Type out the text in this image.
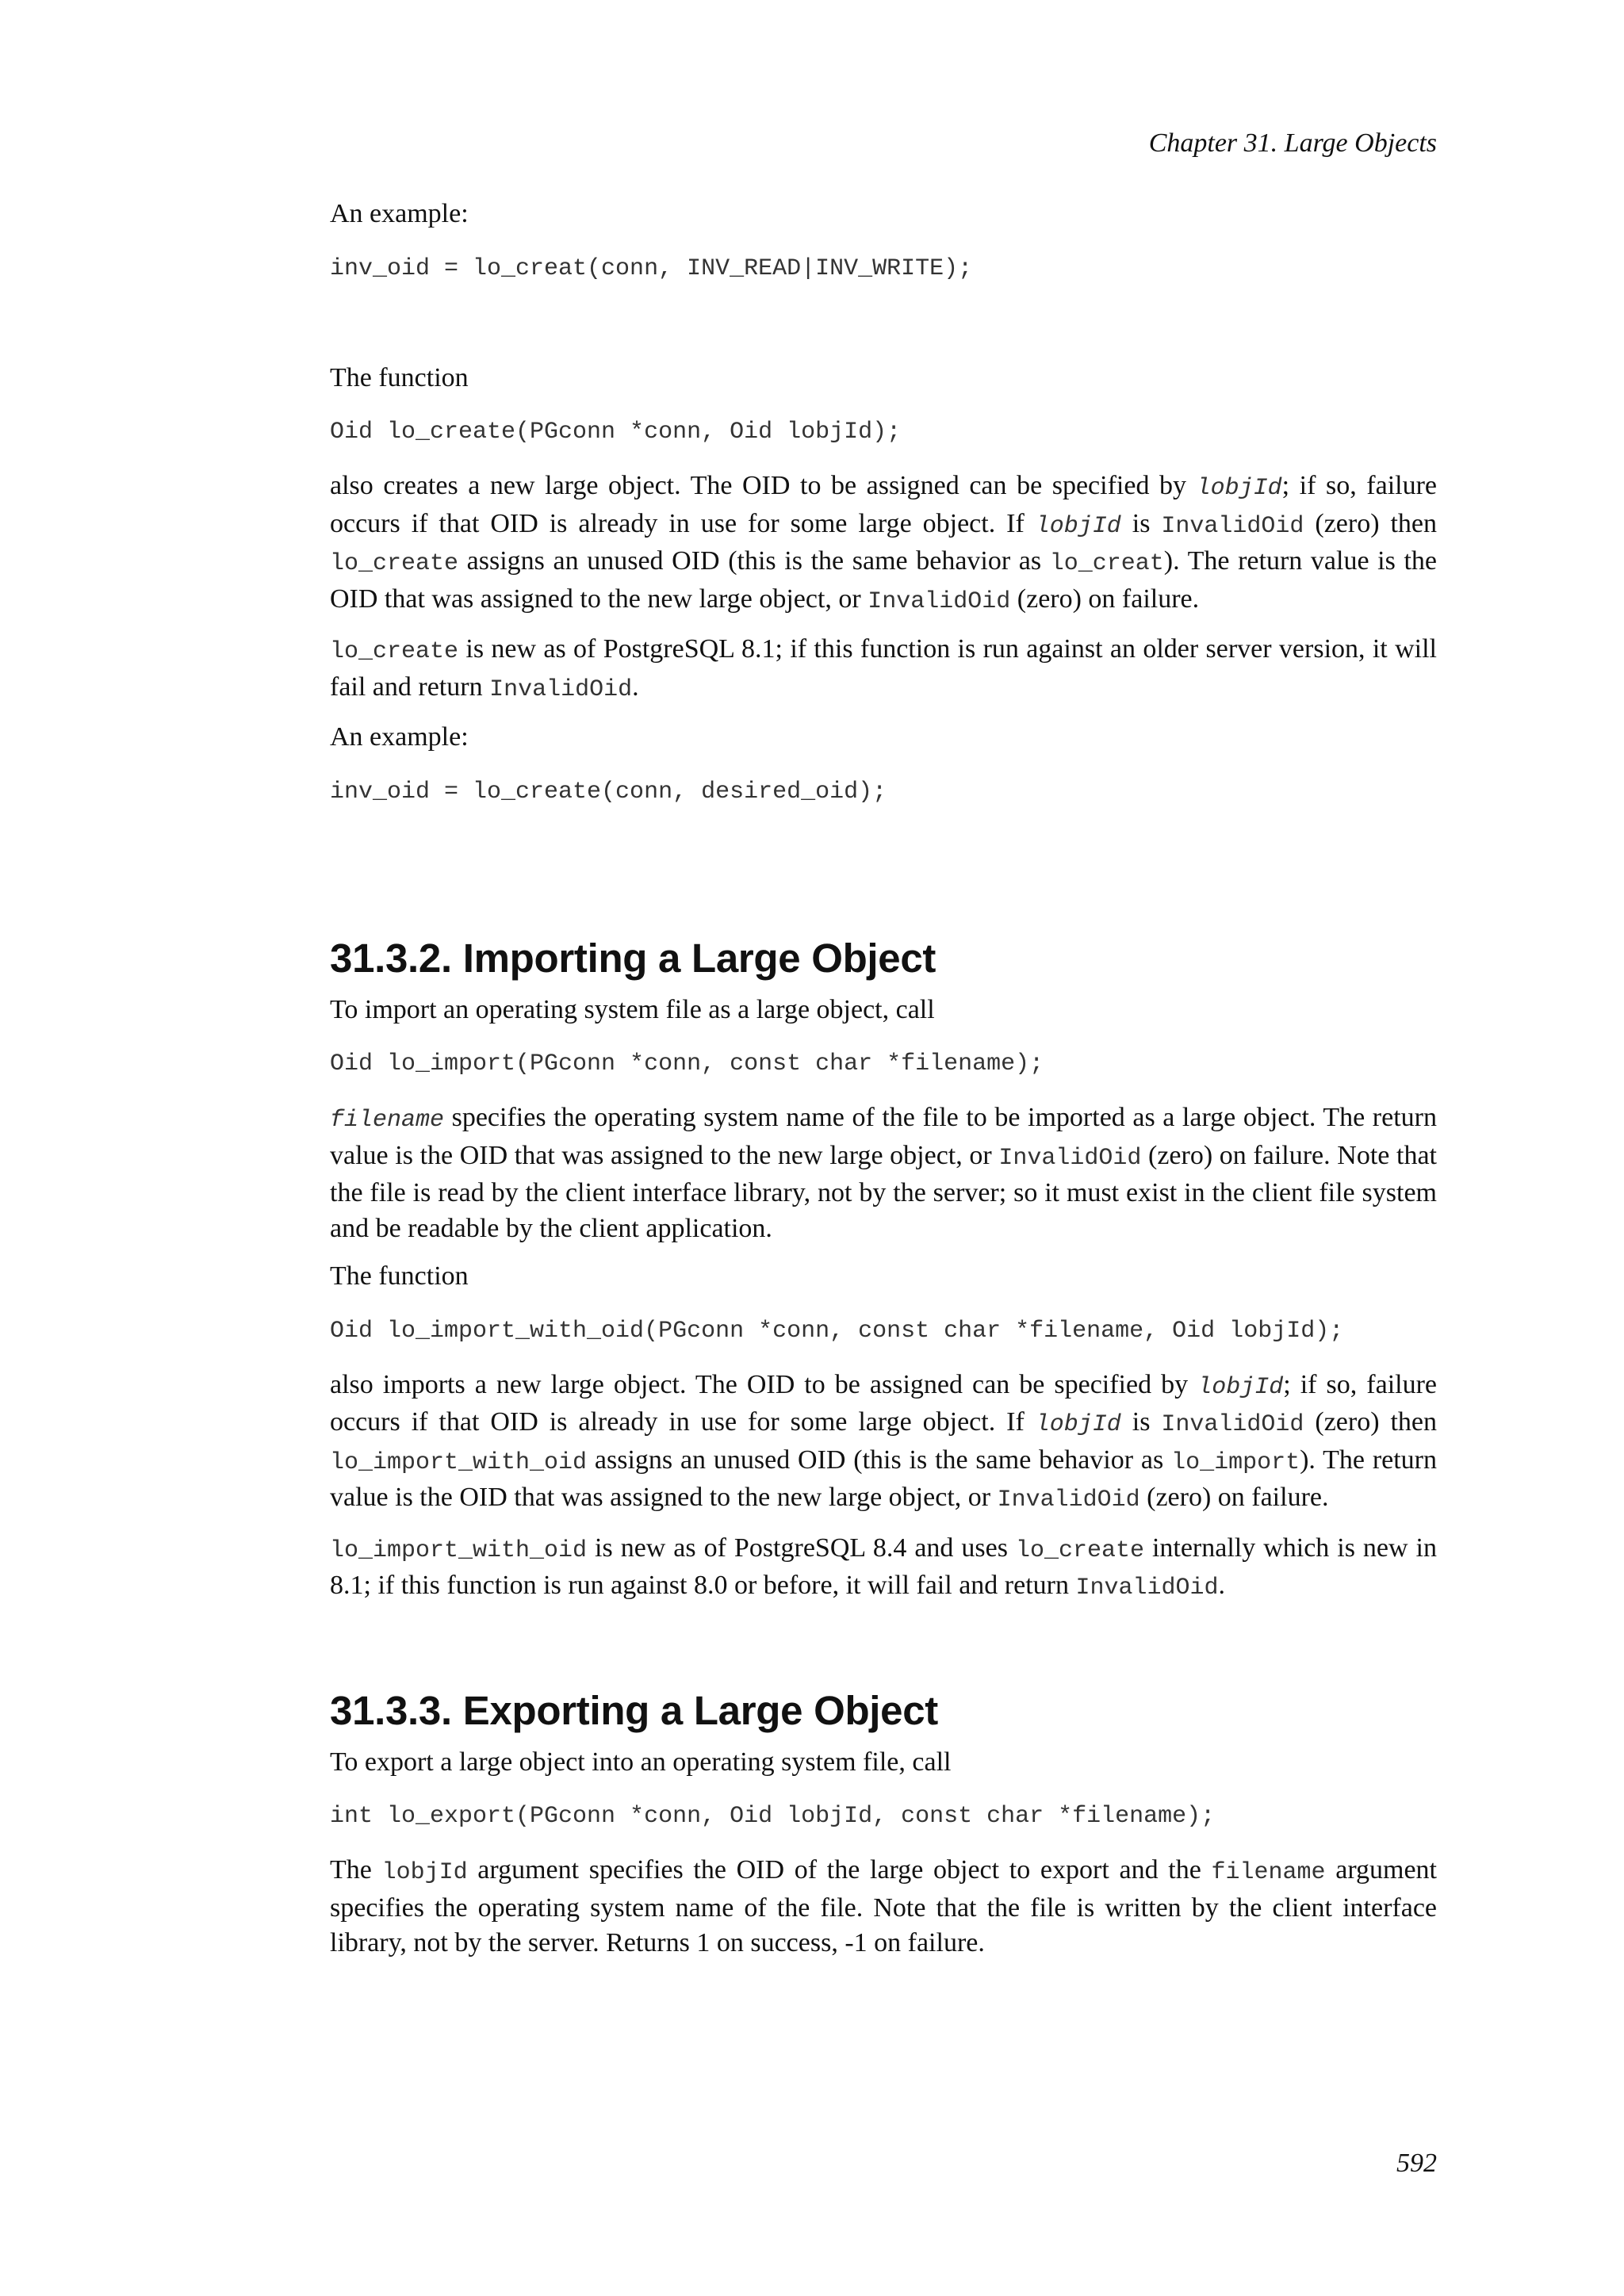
Chapter 31. Large Objects

An example:

inv_oid = lo_creat(conn, INV_READ|INV_WRITE);

The function

Oid lo_create(PGconn *conn, Oid lobjId);

also creates a new large object. The OID to be assigned can be specified by lobjId; if so, failure occurs if that OID is already in use for some large object. If lobjId is InvalidOid (zero) then lo_create assigns an unused OID (this is the same behavior as lo_creat). The return value is the OID that was assigned to the new large object, or InvalidOid (zero) on failure.

lo_create is new as of PostgreSQL 8.1; if this function is run against an older server version, it will fail and return InvalidOid.

An example:

inv_oid = lo_create(conn, desired_oid);
31.3.2. Importing a Large Object

To import an operating system file as a large object, call

Oid lo_import(PGconn *conn, const char *filename);

filename specifies the operating system name of the file to be imported as a large object. The return value is the OID that was assigned to the new large object, or InvalidOid (zero) on failure. Note that the file is read by the client interface library, not by the server; so it must exist in the client file system and be readable by the client application.

The function

Oid lo_import_with_oid(PGconn *conn, const char *filename, Oid lobjId);

also imports a new large object. The OID to be assigned can be specified by lobjId; if so, failure occurs if that OID is already in use for some large object. If lobjId is InvalidOid (zero) then lo_import_with_oid assigns an unused OID (this is the same behavior as lo_import). The return value is the OID that was assigned to the new large object, or InvalidOid (zero) on failure.

lo_import_with_oid is new as of PostgreSQL 8.4 and uses lo_create internally which is new in 8.1; if this function is run against 8.0 or before, it will fail and return InvalidOid.

31.3.3. Exporting a Large Object

To export a large object into an operating system file, call

int lo_export(PGconn *conn, Oid lobjId, const char *filename);

The lobjId argument specifies the OID of the large object to export and the filename argument specifies the operating system name of the file. Note that the file is written by the client interface library, not by the server. Returns 1 on success, -1 on failure.

592
